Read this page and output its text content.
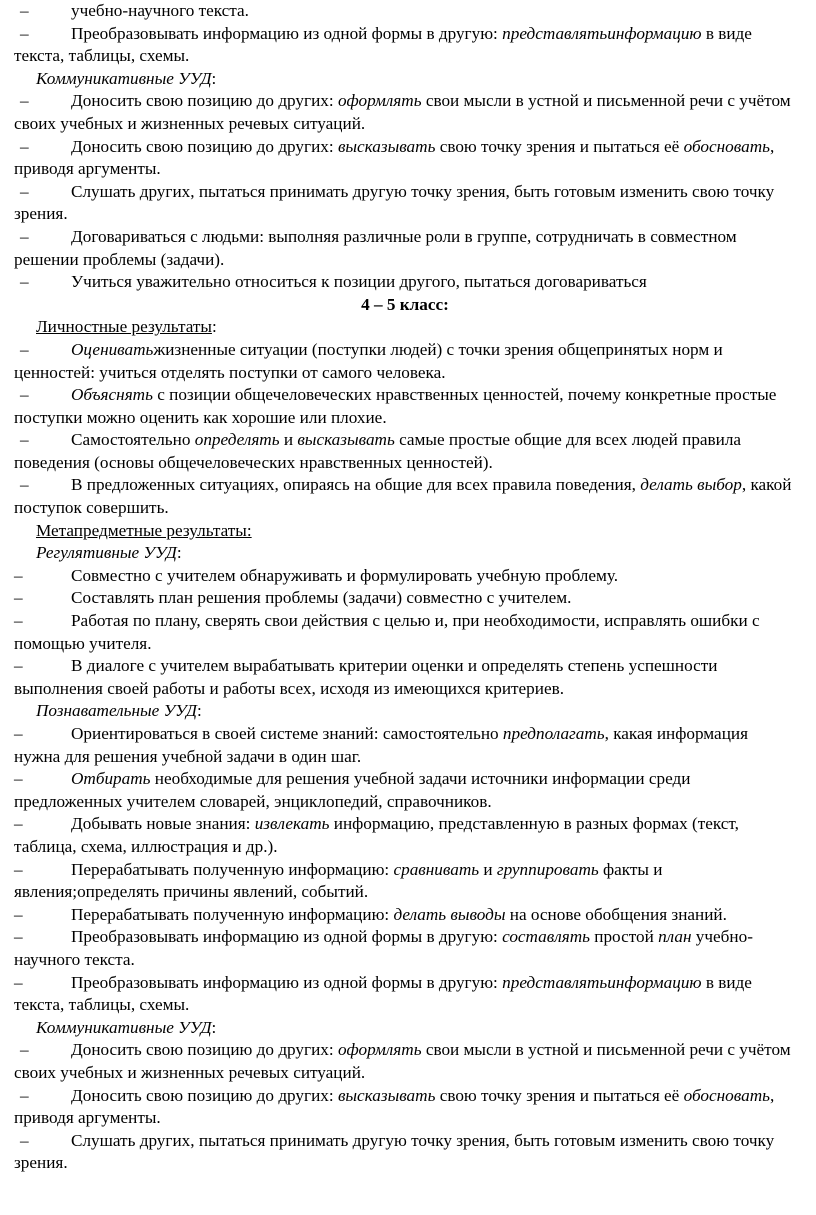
– учебно-научного текста.
– Преобразовывать информацию из одной формы в другую: представлятьинформацию в виде текста, таблицы, схемы.
Коммуникативные УУД:
– Доносить свою позицию до других: оформлять свои мысли в устной и письменной речи с учётом своих учебных и жизненных речевых ситуаций.
– Доносить свою позицию до других: высказывать свою точку зрения и пытаться её обосновать, приводя аргументы.
– Слушать других, пытаться принимать другую точку зрения, быть готовым изменить свою точку зрения.
– Договариваться с людьми: выполняя различные роли в группе, сотрудничать в совместном решении проблемы (задачи).
– Учиться уважительно относиться к позиции другого, пытаться договариваться
4 – 5 класс:
Личностные результаты:
– Оцениватьжизненные ситуации (поступки людей) с точки зрения общепринятых норм и ценностей: учиться отделять поступки от самого человека.
– Объяснять с позиции общечеловеческих нравственных ценностей, почему конкретные простые поступки можно оценить как хорошие или плохие.
– Самостоятельно определять и высказывать самые простые общие для всех людей правила поведения (основы общечеловеческих нравственных ценностей).
– В предложенных ситуациях, опираясь на общие для всех правила поведения, делать выбор, какой поступок совершить.
Метапредметные результаты:
Регулятивные УУД:
–	Совместно с учителем обнаруживать и формулировать учебную проблему.
–	Составлять план решения проблемы (задачи) совместно с учителем.
–	Работая по плану, сверять свои действия с целью и, при необходимости, исправлять ошибки с помощью учителя.
–	В диалоге с учителем вырабатывать критерии оценки и определять степень успешности выполнения своей работы и работы всех, исходя из имеющихся критериев.
Познавательные УУД:
–	Ориентироваться в своей системе знаний: самостоятельно предполагать, какая информация нужна для решения учебной задачи в один шаг.
–	Отбирать необходимые для решения учебной задачи источники информации среди предложенных учителем словарей, энциклопедий, справочников.
–	Добывать новые знания: извлекать информацию, представленную в разных формах (текст, таблица, схема, иллюстрация и др.).
–	Перерабатывать полученную информацию: сравнивать и группировать факты и явления;определять причины явлений, событий.
–	Перерабатывать полученную информацию: делать выводы на основе обобщения знаний.
–	Преобразовывать информацию из одной формы в другую: составлять простой план учебно-научного текста.
–	Преобразовывать информацию из одной формы в другую: представлятьинформацию в виде текста, таблицы, схемы.
Коммуникативные УУД:
– Доносить свою позицию до других: оформлять свои мысли в устной и письменной речи с учётом своих учебных и жизненных речевых ситуаций.
– Доносить свою позицию до других: высказывать свою точку зрения и пытаться её обосновать, приводя аргументы.
– Слушать других, пытаться принимать другую точку зрения, быть готовым изменить свою точку зрения.
